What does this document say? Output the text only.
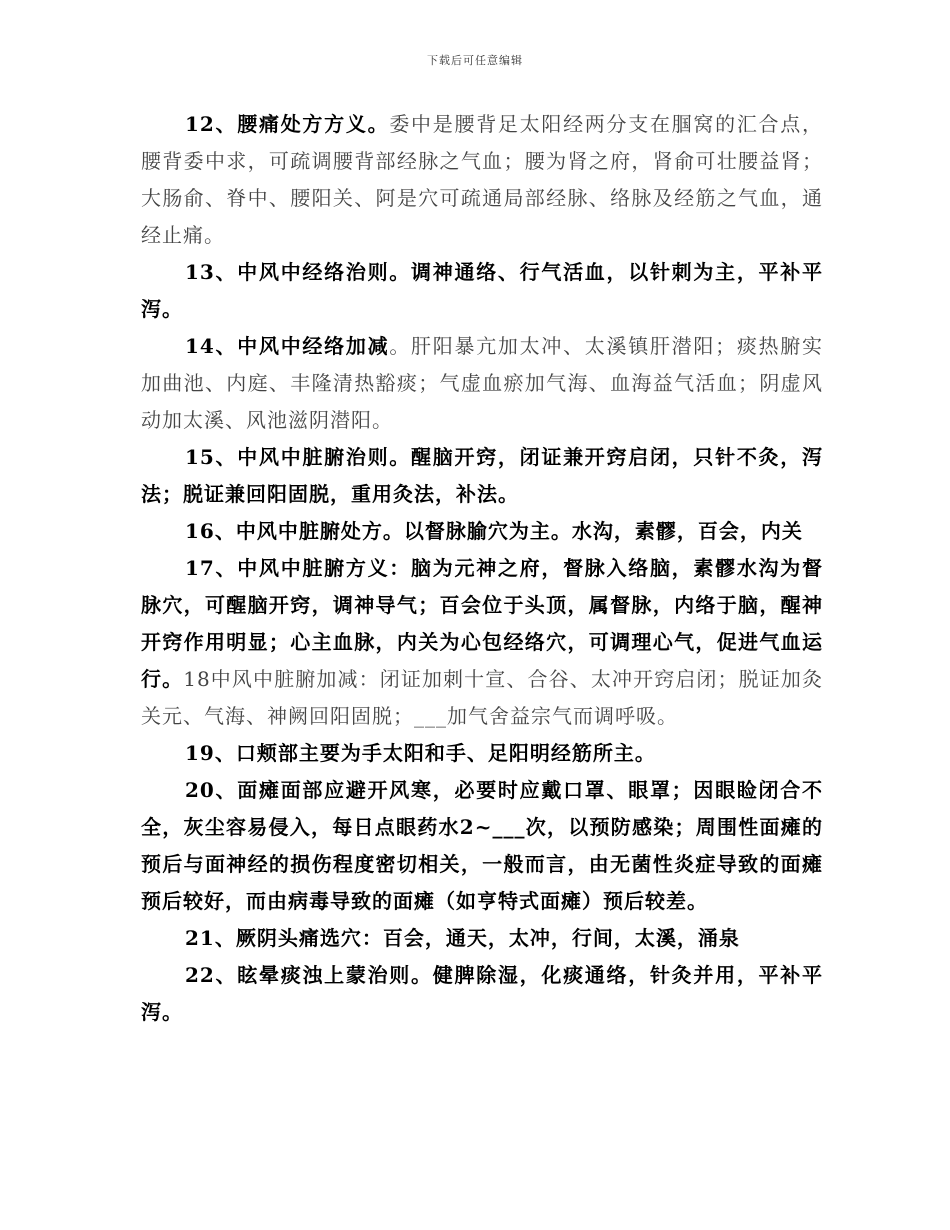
下载后可任意编辑

12、腰痛处方方义。委中是腰背足太阳经两分支在腘窝的汇合点，腰背委中求，可疏调腰背部经脉之气血；腰为肾之府，肾俞可壮腰益肾；大肠俞、脊中、腰阳关、阿是穴可疏通局部经脉、络脉及经筋之气血，通经止痛。

13、中风中经络治则。调神通络、行气活血，以针刺为主，平补平泻。

14、中风中经络加减。肝阳暴亢加太冲、太溪镇肝潜阳；痰热腑实加曲池、内庭、丰隆清热豁痰；气虚血瘀加气海、血海益气活血；阴虚风动加太溪、风池滋阴潜阳。

15、中风中脏腑治则。醒脑开窍，闭证兼开窍启闭，只针不灸，泻法；脱证兼回阳固脱，重用灸法，补法。

16、中风中脏腑处方。以督脉腧穴为主。水沟，素髎，百会，内关

17、中风中脏腑方义：脑为元神之府，督脉入络脑，素髎水沟为督脉穴，可醒脑开窍，调神导气；百会位于头顶，属督脉，内络于脑，醒神开窍作用明显；心主血脉，内关为心包经络穴，可调理心气，促进气血运行。18中风中脏腑加减：闭证加刺十宣、合谷、太冲开窍启闭；脱证加灸关元、气海、神阙回阳固脱；___加气舍益宗气而调呼吸。

19、口颊部主要为手太阳和手、足阳明经筋所主。

20、面瘫面部应避开风寒，必要时应戴口罩、眼罩；因眼睑闭合不全，灰尘容易侵入，每日点眼药水2~___次，以预防感染；周围性面瘫的预后与面神经的损伤程度密切相关，一般而言，由无菌性炎症导致的面瘫预后较好，而由病毒导致的面瘫（如亨特式面瘫）预后较差。

21、厥阴头痛选穴：百会，通天，太冲，行间，太溪，涌泉

22、眩晕痰浊上蒙治则。健脾除湿，化痰通络，针灸并用，平补平泻。
